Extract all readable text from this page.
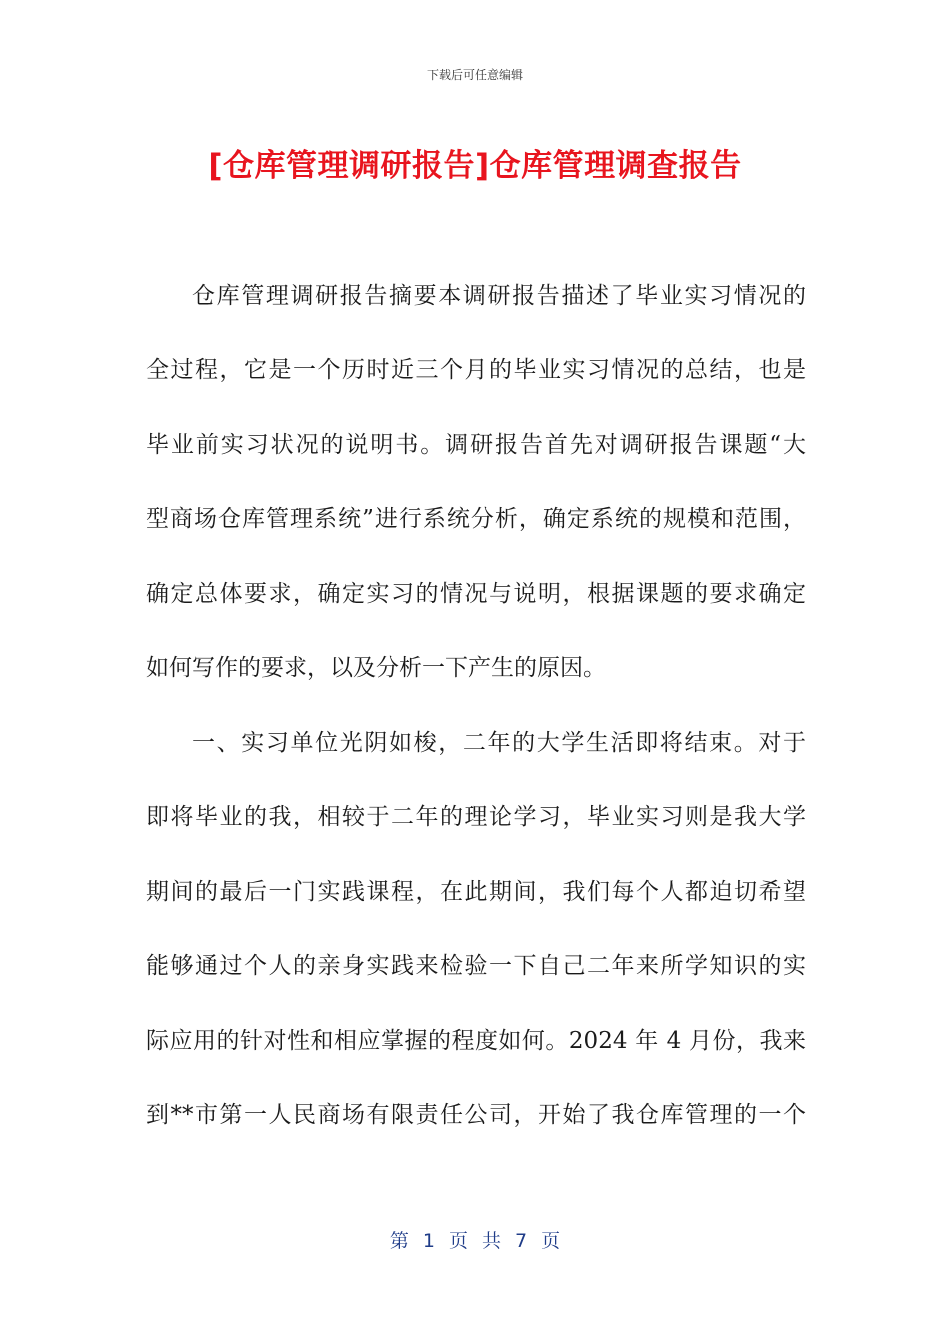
下载后可任意编辑
[仓库管理调研报告]仓库管理调查报告
仓库管理调研报告摘要本调研报告描述了毕业实习情况的
全过程，它是一个历时近三个月的毕业实习情况的总结，也是
毕业前实习状况的说明书。调研报告首先对调研报告课题“大
型商场仓库管理系统”进行系统分析，确定系统的规模和范围，
确定总体要求，确定实习的情况与说明，根据课题的要求确定
如何写作的要求，以及分析一下产生的原因。
一、实习单位光阴如梭，二年的大学生活即将结束。对于
即将毕业的我，相较于二年的理论学习，毕业实习则是我大学
期间的最后一门实践课程，在此期间，我们每个人都迫切希望
能够通过个人的亲身实践来检验一下自己二年来所学知识的实
际应用的针对性和相应掌握的程度如何。2024 年 4 月份，我来
到**市第一人民商场有限责任公司，开始了我仓库管理的一个
第 1 页 共 7 页
